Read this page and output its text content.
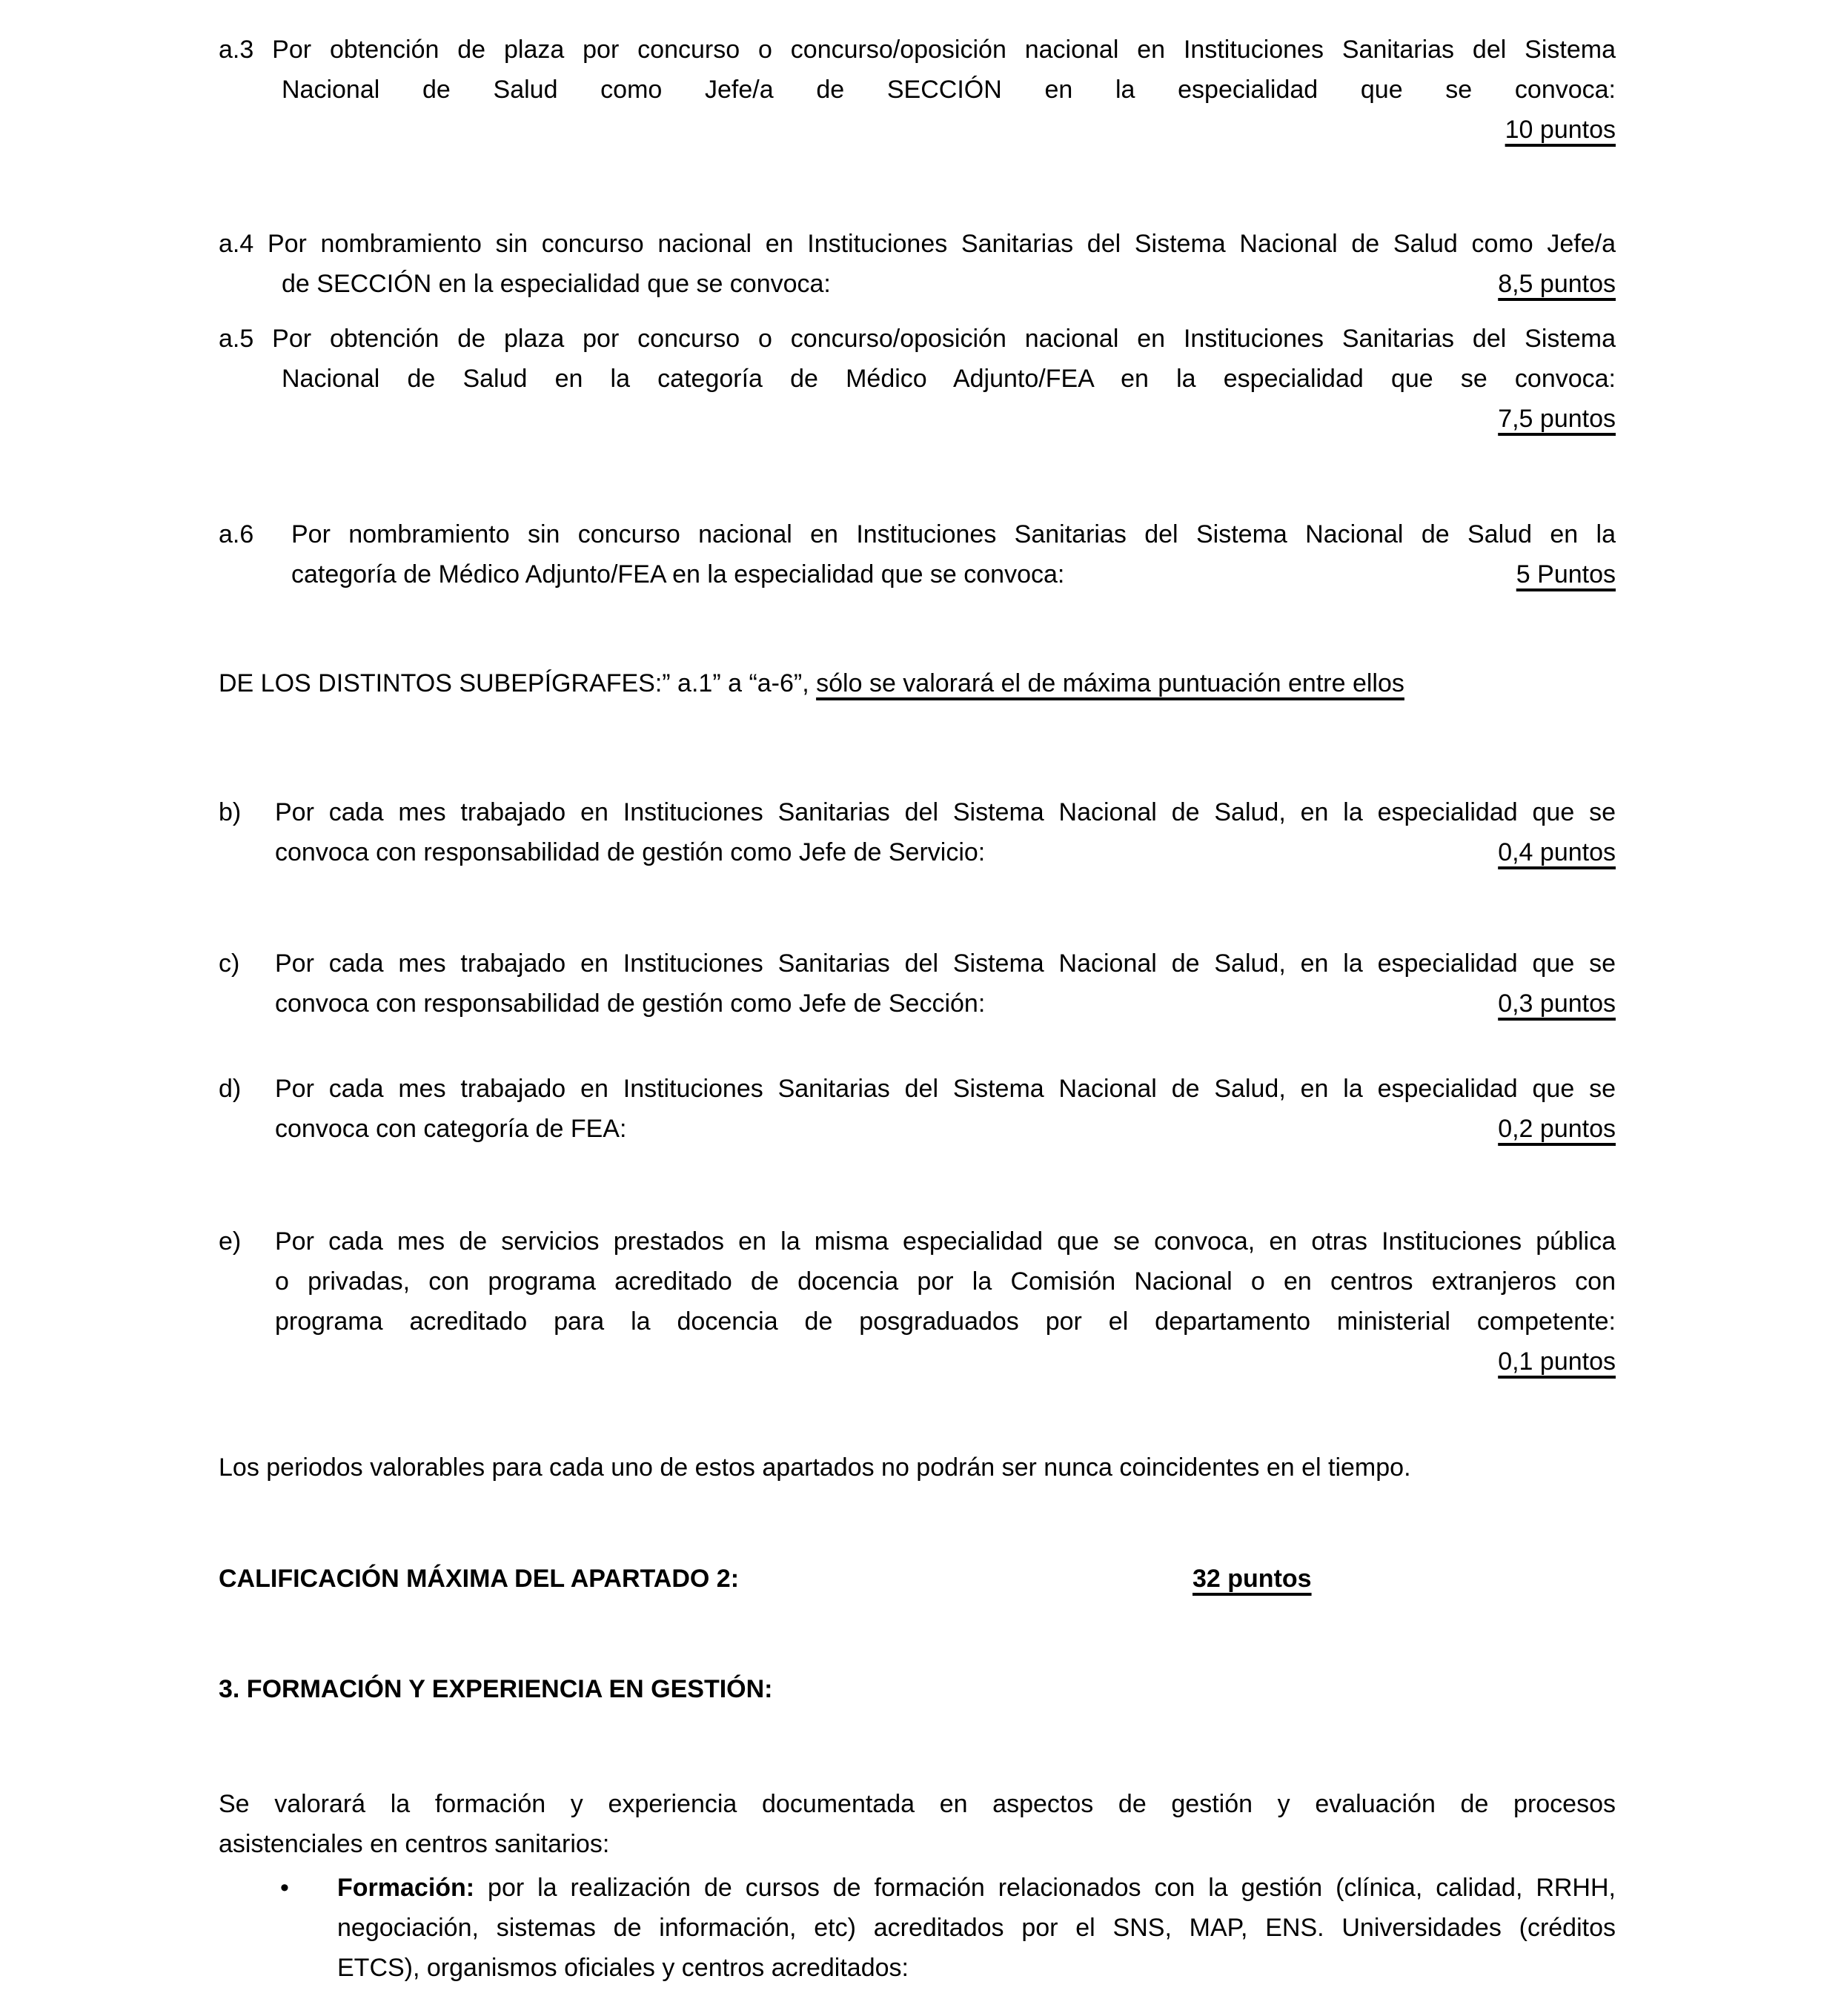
a.3 Por obtención de plaza por concurso o concurso/oposición nacional en Instituciones Sanitarias del Sistema
Nacional de Salud como Jefe/a de SECCIÓN en la especialidad que se convoca:
10 puntos
a.4 Por nombramiento sin concurso nacional en Instituciones Sanitarias del Sistema Nacional de Salud como Jefe/a
de SECCIÓN en la especialidad que se convoca:	8,5 puntos
a.5 Por obtención de plaza por concurso o concurso/oposición nacional en Instituciones Sanitarias del Sistema
Nacional de Salud en la categoría de Médico Adjunto/FEA en la especialidad que se convoca:
7,5 puntos
a.6	Por nombramiento sin concurso nacional en Instituciones Sanitarias del Sistema Nacional de Salud en la
categoría de Médico Adjunto/FEA en la especialidad que se convoca:	5 Puntos
DE LOS DISTINTOS SUBEPÍGRAFES:” a.1” a “a-6”, sólo se valorará el de máxima puntuación entre ellos
b)	Por cada mes trabajado en Instituciones Sanitarias del Sistema Nacional de Salud, en la especialidad que se
convoca con responsabilidad de gestión como Jefe de Servicio:	0,4 puntos
c)	Por cada mes trabajado en Instituciones Sanitarias del Sistema Nacional de Salud, en la especialidad que se
convoca con responsabilidad de gestión como Jefe de Sección:	0,3 puntos
d)	Por cada mes trabajado en Instituciones Sanitarias del Sistema Nacional de Salud, en la especialidad que se
convoca con categoría de FEA:	0,2 puntos
e)	Por cada mes de servicios prestados en la misma especialidad que se convoca, en otras Instituciones pública
o privadas, con programa acreditado de docencia por la Comisión Nacional o en centros extranjeros con
programa acreditado para la docencia de posgraduados por el departamento ministerial competente:
0,1 puntos
Los periodos valorables para cada uno de estos apartados no podrán ser nunca coincidentes en el tiempo.
CALIFICACIÓN MÁXIMA DEL APARTADO 2:	32 puntos
3. FORMACIÓN Y EXPERIENCIA EN GESTIÓN:
Se valorará la formación y experiencia documentada en aspectos de gestión y evaluación de procesos
asistenciales en centros sanitarios:
•	Formación: por la realización de cursos de formación relacionados con la gestión (clínica, calidad, RRHH,
negociación, sistemas de información, etc) acreditados por el SNS, MAP, ENS. Universidades (créditos
ETCS), organismos oficiales y centros acreditados:
